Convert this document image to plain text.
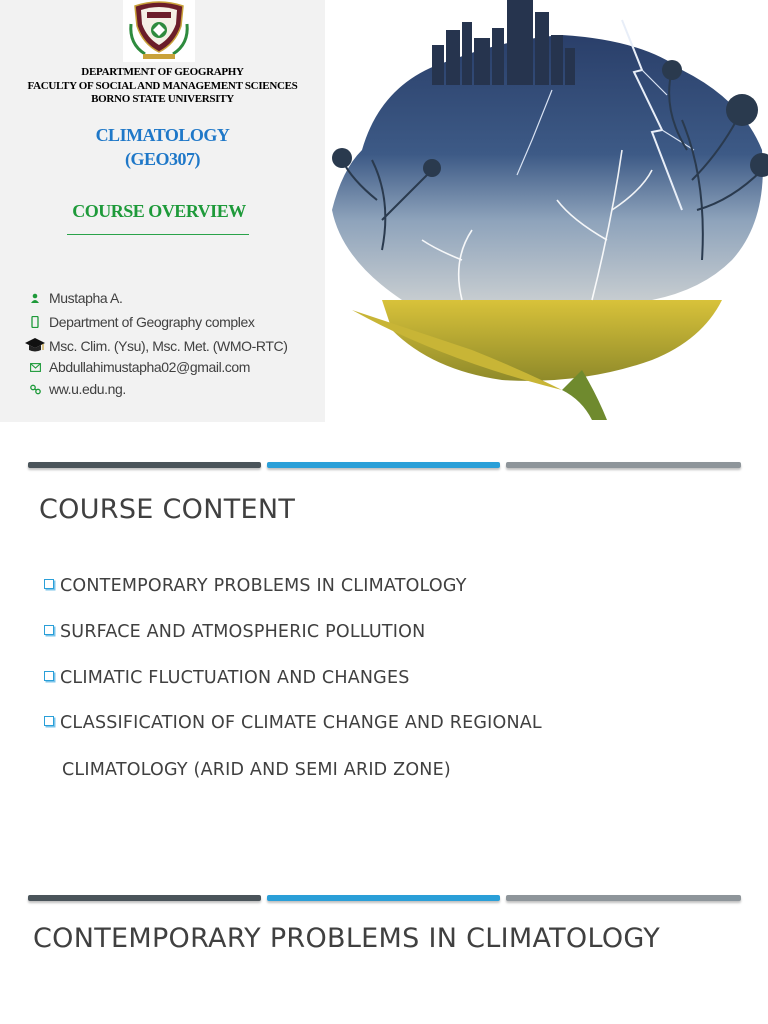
DEPARTMENT OF GEOGRAPHY
FACULTY OF SOCIAL AND MANAGEMENT SCIENCES
BORNO STATE UNIVERSITY
CLIMATOLOGY
(GEO307)
COURSE OVERVIEW
Mustapha A.
Department of Geography complex
Msc. Clim. (Ysu), Msc. Met. (WMO-RTC)
Abdullahimustapha02@gmail.com
ww.u.edu.ng.
COURSE CONTENT
CONTEMPORARY PROBLEMS IN CLIMATOLOGY
SURFACE AND ATMOSPHERIC POLLUTION
CLIMATIC FLUCTUATION AND CHANGES
CLASSIFICATION OF CLIMATE CHANGE AND REGIONAL
CLIMATOLOGY (ARID AND SEMI ARID ZONE)
CONTEMPORARY PROBLEMS IN CLIMATOLOGY
